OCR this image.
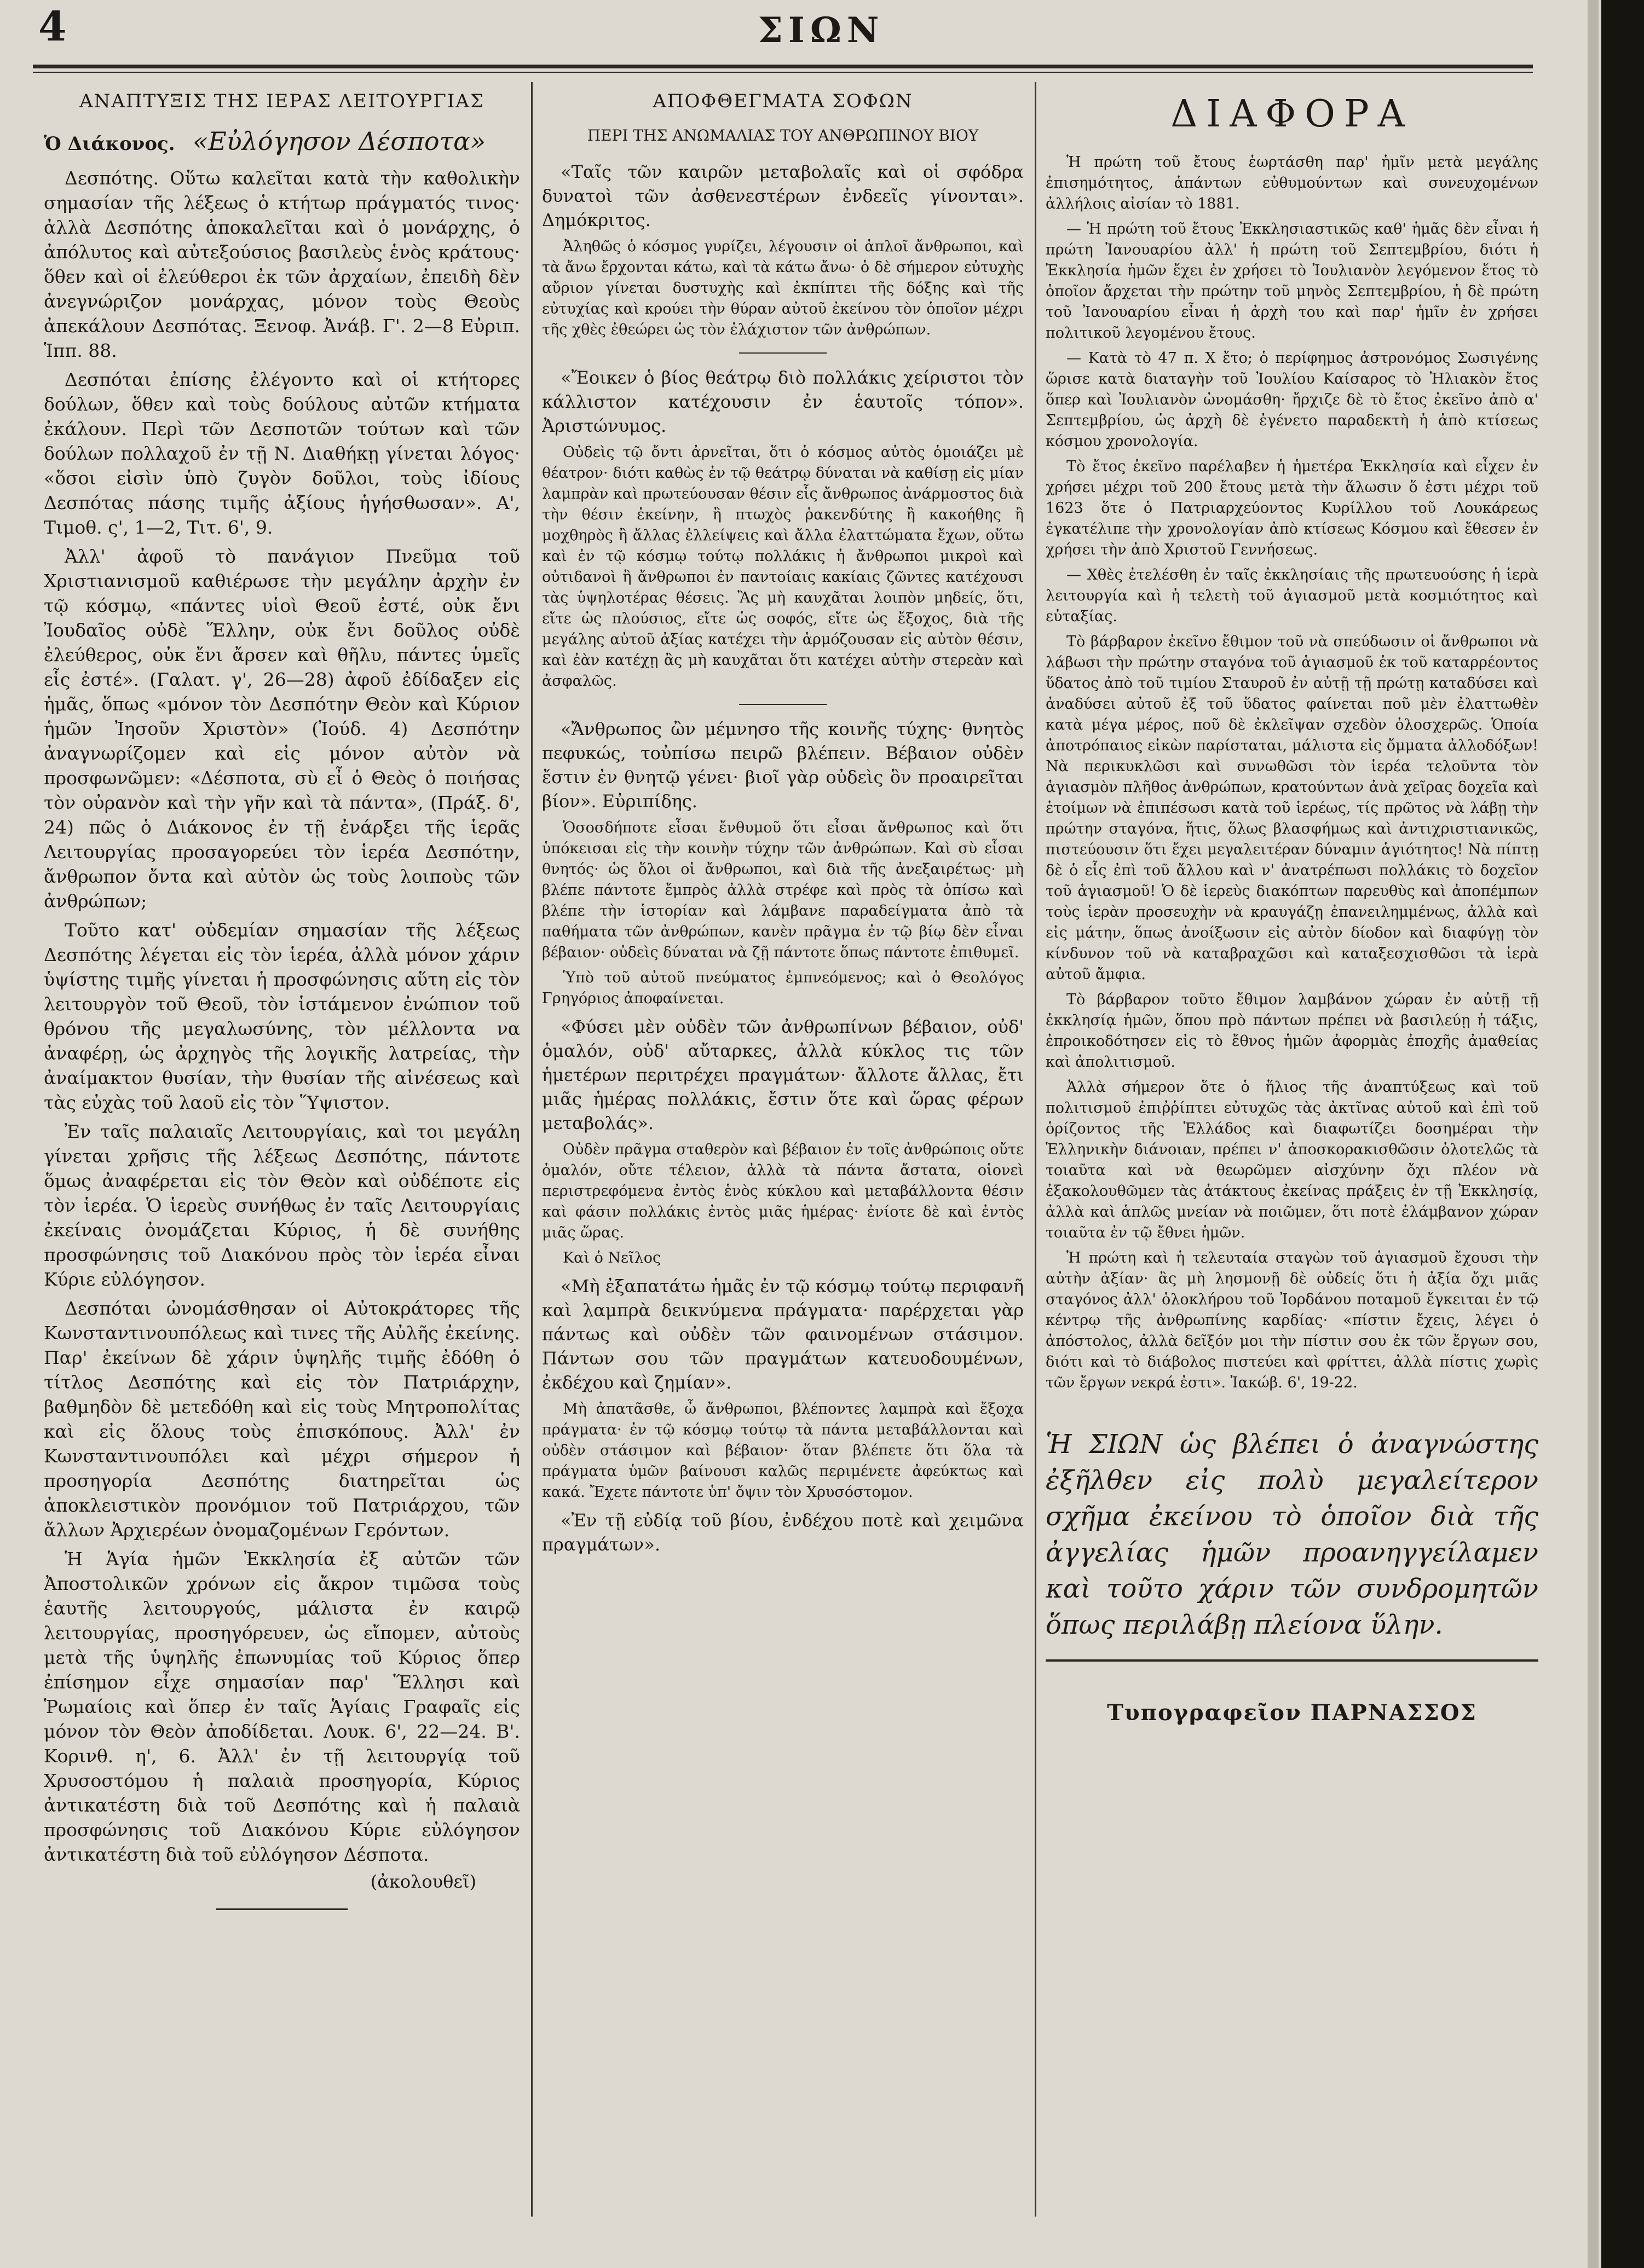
4	ΣΙΩΝ
ΑΝΑΠΤΥΞΙΣ ΤΗΣ ΙΕΡΑΣ ΛΕΙΤΟΥΡΓΙΑΣ
Ὁ Διάκονος. «Εὐλόγησον Δέσποτα»

Δεσπότης. Οὕτω καλεῖται κατὰ τὴν καθολικὴν σημασίαν τῆς λέξεως ὁ κτήτωρ πράγματός τινος· ἀλλὰ Δεσπότης ἀποκαλεῖται καὶ ὁ μονάρχης, ὁ ἀπόλυτος καὶ αὐτεξούσιος βασιλεὺς ἑνὸς κράτους· ὅθεν καὶ οἱ ἐλεύθεροι ἐκ τῶν ἀρχαίων, ἐπειδὴ δὲν ἀνεγνώριζον μονάρχας, μόνον τοὺς Θεοὺς ἀπεκάλουν Δεσπότας. Ξενοφ. Ἀνάβ. Γ'. 2—8 Εὐριπ. Ἱππ. 88.

Δεσπόται ἐπίσης ἐλέγοντο καὶ οἱ κτήτορες δούλων, ὅθεν καὶ τοὺς δούλους αὐτῶν κτήματα ἐκάλουν. Περὶ τῶν Δεσποτῶν τούτων καὶ τῶν δούλων πολλαχοῦ ἐν τῇ Ν. Διαθήκῃ γίνεται λόγος· «ὅσοι εἰσὶν ὑπὸ ζυγὸν δοῦλοι, τοὺς ἰδίους Δεσπότας πάσης τιμῆς ἀξίους ἡγήσθωσαν». Α', Τιμοθ. ς', 1—2, Τιτ. 6', 9.

Ἀλλ' ἀφοῦ τὸ πανάγιον Πνεῦμα τοῦ Χριστιανισμοῦ καθιέρωσε τὴν μεγάλην ἀρχὴν ἐν τῷ κόσμῳ, «πάντες υἱοὶ Θεοῦ ἐστέ, οὐκ ἔνι Ἰουδαῖος οὐδὲ Ἕλλην, οὐκ ἔνι δοῦλος οὐδὲ ἐλεύθερος, οὐκ ἔνι ἄρσεν καὶ θῆλυ, πάντες ὑμεῖς εἷς ἐστέ». (Γαλατ. γ', 26—28) ἀφοῦ ἐδίδαξεν εἰς ἡμᾶς, ὅπως «μόνον τὸν Δεσπότην Θεὸν καὶ Κύριον ἡμῶν Ἰησοῦν Χριστὸν» (Ἰούδ. 4) Δεσπότην ἀναγνωρίζομεν καὶ εἰς μόνον αὐτὸν νὰ προσφωνῶμεν: «Δέσποτα, σὺ εἶ ὁ Θεὸς ὁ ποιήσας τὸν οὐρανὸν καὶ τὴν γῆν καὶ τὰ πάντα», (Πράξ. δ', 24) πῶς ὁ Διάκονος ἐν τῇ ἐνάρξει τῆς ἱερᾶς Λειτουργίας προσαγορεύει τὸν ἱερέα Δεσπότην, ἄνθρωπον ὄντα καὶ αὐτὸν ὡς τοὺς λοιποὺς τῶν ἀνθρώπων;

Τοῦτο κατ' οὐδεμίαν σημασίαν τῆς λέξεως Δεσπότης λέγεται εἰς τὸν ἱερέα, ἀλλὰ μόνον χάριν ὑψίστης τιμῆς γίνεται ἡ προσφώνησις αὕτη εἰς τὸν λειτουργὸν τοῦ Θεοῦ, τὸν ἱστάμενον ἐνώπιον τοῦ θρόνου τῆς μεγαλωσύνης, τὸν μέλλοντα να ἀναφέρῃ, ὡς ἀρχηγὸς τῆς λογικῆς λατρείας, τὴν ἀναίμακτον θυσίαν, τὴν θυσίαν τῆς αἰνέσεως καὶ τὰς εὐχὰς τοῦ λαοῦ εἰς τὸν Ὕψιστον.

Ἐν ταῖς παλαιαῖς Λειτουργίαις, καὶ τοι μεγάλη γίνεται χρῆσις τῆς λέξεως Δεσπότης, πάντοτε ὅμως ἀναφέρεται εἰς τὸν Θεὸν καὶ οὐδέποτε εἰς τὸν ἱερέα. Ὁ ἱερεὺς συνήθως ἐν ταῖς Λειτουργίαις ἐκείναις ὀνομάζεται Κύριος, ἡ δὲ συνήθης προσφώνησις τοῦ Διακόνου πρὸς τὸν ἱερέα εἶναι Κύριε εὐλόγησον.

Δεσπόται ὠνομάσθησαν οἱ Αὐτοκράτορες τῆς Κωνσταντινουπόλεως καὶ τινες τῆς Αὐλῆς ἐκείνης. Παρ' ἐκείνων δὲ χάριν ὑψηλῆς τιμῆς ἐδόθη ὁ τίτλος Δεσπότης καὶ εἰς τὸν Πατριάρχην, βαθμηδὸν δὲ μετεδόθη καὶ εἰς τοὺς Μητροπολίτας καὶ εἰς ὅλους τοὺς ἐπισκόπους. Ἀλλ' ἐν Κωνσταντινουπόλει καὶ μέχρι σήμερον ἡ προσηγορία Δεσπότης διατηρεῖται ὡς ἀποκλειστικὸν προνόμιον τοῦ Πατριάρχου, τῶν ἄλλων Ἀρχιερέων ὀνομαζομένων Γερόντων.

Ἡ Ἁγία ἡμῶν Ἐκκλησία ἐξ αὐτῶν τῶν Ἀποστολικῶν χρόνων εἰς ἄκρον τιμῶσα τοὺς ἑαυτῆς λειτουργούς, μάλιστα ἐν καιρῷ λειτουργίας, προσηγόρευεν, ὡς εἴπομεν, αὐτοὺς μετὰ τῆς ὑψηλῆς ἐπωνυμίας τοῦ Κύριος ὅπερ ἐπίσημον εἶχε σημασίαν παρ' Ἕλλησι καὶ Ῥωμαίοις καὶ ὅπερ ἐν ταῖς Ἁγίαις Γραφαῖς εἰς μόνον τὸν Θεὸν ἀποδίδεται. Λουκ. 6', 22—24. Β'. Κορινθ. η', 6. Ἀλλ' ἐν τῇ λειτουργίᾳ τοῦ Χρυσοστόμου ἡ παλαιὰ προσηγορία, Κύριος ἀντικατέστη διὰ τοῦ Δεσπότης καὶ ἡ παλαιὰ προσφώνησις τοῦ Διακόνου Κύριε εὐλόγησον ἀντικατέστη διὰ τοῦ εὐλόγησον Δέσποτα.

(ἀκολουθεῖ)
ΑΠΟΦΘΕΓΜΑΤΑ ΣΟΦΩΝ
ΠΕΡΙ ΤΗΣ ΑΝΩΜΑΛΙΑΣ ΤΟΥ ΑΝΘΡΩΠΙΝΟΥ ΒΙΟΥ

«Ταῖς τῶν καιρῶν μεταβολαῖς καὶ οἱ σφόδρα δυνατοὶ τῶν ἀσθενεστέρων ἐνδεεῖς γίνονται». Δημόκριτος.

Ἀληθῶς ὁ κόσμος γυρίζει, λέγουσιν οἱ ἁπλοῖ ἄνθρωποι, καὶ τὰ ἄνω ἔρχονται κάτω, καὶ τὰ κάτω ἄνω· ὁ δὲ σήμερον εὐτυχὴς αὔριον γίνεται δυστυχὴς καὶ ἐκπίπτει τῆς δόξης καὶ τῆς εὐτυχίας καὶ κρούει τὴν θύραν αὐτοῦ ἐκείνου τὸν ὁποῖον μέχρι τῆς χθὲς ἐθεώρει ὡς τὸν ἐλάχιστον τῶν ἀνθρώπων.

«Ἔοικεν ὁ βίος θεάτρῳ διὸ πολλάκις χείριστοι τὸν κάλλιστον κατέχουσιν ἐν ἑαυτοῖς τόπον». Ἀριστώνυμος.

Οὐδεὶς τῷ ὄντι ἀρνεῖται, ὅτι ὁ κόσμος αὐτὸς ὁμοιάζει μὲ θέατρον· διότι καθὼς ἐν τῷ θεάτρῳ δύναται νὰ καθίσῃ εἰς μίαν λαμπρὰν καὶ πρωτεύουσαν θέσιν εἷς ἄνθρωπος ἀνάρμοστος διὰ τὴν θέσιν ἐκείνην, ἢ πτωχὸς ῥακενδύτης ἢ κακοήθης ἢ μοχθηρὸς ἢ ἄλλας ἐλλείψεις καὶ ἄλλα ἐλαττώματα ἔχων, οὕτω καὶ ἐν τῷ κόσμῳ τούτῳ πολλάκις ἡ ἄνθρωποι μικροὶ καὶ οὐτιδανοὶ ἢ ἄνθρωποι ἐν παντοίαις κακίαις ζῶντες κατέχουσι τὰς ὑψηλοτέρας θέσεις. Ἂς μὴ καυχᾶται λοιπὸν μηδείς, ὅτι, εἴτε ὡς πλούσιος, εἴτε ὡς σοφός, εἴτε ὡς ἔξοχος, διὰ τῆς μεγάλης αὐτοῦ ἀξίας κατέχει τὴν ἁρμόζουσαν εἰς αὐτὸν θέσιν, καὶ ἐὰν κατέχῃ ἂς μὴ καυχᾶται ὅτι κατέχει αὐτὴν στερεὰν καὶ ἀσφαλῶς.

«Ἄνθρωπος ὢν μέμνησο τῆς κοινῆς τύχης· θνητὸς πεφυκώς, τοὐπίσω πειρῶ βλέπειν. Βέβαιον οὐδὲν ἔστιν ἐν θνητῷ γένει· βιοῖ γὰρ οὐδεὶς ὃν προαιρεῖται βίον». Εὐριπίδης.

Ὁσοσδήποτε εἶσαι ἔνθυμοῦ ὅτι εἶσαι ἄνθρωπος καὶ ὅτι ὑπόκεισαι εἰς τὴν κοινὴν τύχην τῶν ἀνθρώπων. Καὶ σὺ εἶσαι θνητός· ὡς ὅλοι οἱ ἄνθρωποι, καὶ διὰ τῆς ἀνεξαιρέτως· μὴ βλέπε πάντοτε ἔμπρὸς ἀλλὰ στρέφε καὶ πρὸς τὰ ὀπίσω καὶ βλέπε τὴν ἱστορίαν καὶ λάμβανε παραδείγματα ἀπὸ τὰ παθήματα τῶν ἀνθρώπων, κανὲν πρᾶγμα ἐν τῷ βίῳ δὲν εἶναι βέβαιον· οὐδεὶς δύναται νὰ ζῇ πάντοτε ὅπως πάντοτε ἐπιθυμεῖ.

Ὑπὸ τοῦ αὐτοῦ πνεύματος ἐμπνεόμενος; καὶ ὁ Θεολόγος Γρηγόριος ἀποφαίνεται.

«Φύσει μὲν οὐδὲν τῶν ἀνθρωπίνων βέβαιον, οὐδ' ὁμαλόν, οὐδ' αὔταρκες, ἀλλὰ κύκλος τις τῶν ἡμετέρων περιτρέχει πραγμάτων· ἄλλοτε ἄλλας, ἔτι μιᾶς ἡμέρας πολλάκις, ἔστιν ὅτε καὶ ὥρας φέρων μεταβολάς».

Οὐδὲν πρᾶγμα σταθερὸν καὶ βέβαιον ἐν τοῖς ἀνθρώποις οὔτε ὁμαλόν, οὔτε τέλειον, ἀλλὰ τὰ πάντα ἄστατα, οἱονεὶ περιστρεφόμενα ἐντὸς ἑνὸς κύκλου καὶ μεταβάλλοντα θέσιν καὶ φάσιν πολλάκις ἐντὸς μιᾶς ἡμέρας· ἐνίοτε δὲ καὶ ἐντὸς μιᾶς ὥρας.

Καὶ ὁ Νεῖλος

«Μὴ ἐξαπατάτω ἡμᾶς ἐν τῷ κόσμῳ τούτῳ περιφανῆ καὶ λαμπρὰ δεικνύμενα πράγματα· παρέρχεται γὰρ πάντως καὶ οὐδὲν τῶν φαινομένων στάσιμον. Πάντων σου τῶν πραγμάτων κατευοδουμένων, ἐκδέχου καὶ ζημίαν».

Μὴ ἀπατᾶσθε, ὦ ἄνθρωποι, βλέποντες λαμπρὰ καὶ ἔξοχα πράγματα· ἐν τῷ κόσμῳ τούτῳ τὰ πάντα μεταβάλλονται καὶ οὐδὲν στάσιμον καὶ βέβαιον· ὅταν βλέπετε ὅτι ὅλα τὰ πράγματα ὑμῶν βαίνουσι καλῶς περιμένετε ἀφεύκτως καὶ κακά. Ἔχετε πάντοτε ὑπ' ὄψιν τὸν Χρυσόστομον.

«Ἐν τῇ εὐδίᾳ τοῦ βίου, ἐνδέχου ποτὲ καὶ χειμῶνα πραγμάτων».

ΔΙΑΦΟΡΑ

Ἡ πρώτη τοῦ ἔτους ἑωρτάσθη παρ' ἡμῖν μετὰ μεγάλης ἐπισημότητος, ἁπάντων εὐθυμούντων καὶ συνευχομένων ἀλλήλοις αἰσίαν τὸ 1881.

— Ἡ πρώτη τοῦ ἔτους Ἐκκλησιαστικῶς καθ' ἡμᾶς δὲν εἶναι ἡ πρώτη Ἰανουαρίου ἀλλ' ἡ πρώτη τοῦ Σεπτεμβρίου, διότι ἡ Ἐκκλησία ἡμῶν ἔχει ἐν χρήσει τὸ Ἰουλιανὸν λεγόμενον ἔτος τὸ ὁποῖον ἄρχεται τὴν πρώτην τοῦ μηνὸς Σεπτεμβρίου, ἡ δὲ πρώτη τοῦ Ἰανουαρίου εἶναι ἡ ἀρχὴ του καὶ παρ' ἡμῖν ἐν χρήσει πολιτικοῦ λεγομένου ἔτους.

— Κατὰ τὸ 47 π. Χ ἔτο; ὁ περίφημος ἀστρονόμος Σωσιγένης ὥρισε κατὰ διαταγὴν τοῦ Ἰουλίου Καίσαρος τὸ Ἠλιακὸν ἔτος ὅπερ καὶ Ἰουλιανὸν ὠνομάσθη· ἤρχιζε δὲ τὸ ἔτος ἐκεῖνο ἀπὸ α' Σεπτεμβρίου, ὡς ἀρχὴ δὲ ἐγένετο παραδεκτὴ ἡ ἀπὸ κτίσεως κόσμου χρονολογία.

Τὸ ἔτος ἐκεῖνο παρέλαβεν ἡ ἡμετέρα Ἐκκλησία καὶ εἶχεν ἐν χρήσει μέχρι τοῦ 200 ἔτους μετὰ τὴν ἅλωσιν ὅ ἐστι μέχρι τοῦ 1623 ὅτε ὁ Πατριαρχεύοντος Κυρίλλου τοῦ Λουκάρεως ἐγκατέλιπε τὴν χρονολογίαν ἀπὸ κτίσεως Κόσμου καὶ ἔθεσεν ἐν χρήσει τὴν ἀπὸ Χριστοῦ Γεννήσεως.

— Χθὲς ἐτελέσθη ἐν ταῖς ἐκκλησίαις τῆς πρωτευούσης ἡ ἱερὰ λειτουργία καὶ ἡ τελετὴ τοῦ ἁγιασμοῦ μετὰ κοσμιότητος καὶ εὐταξίας.

Τὸ βάρβαρον ἐκεῖνο ἔθιμον τοῦ νὰ σπεύδωσιν οἱ ἄνθρωποι νὰ λάβωσι τὴν πρώτην σταγόνα τοῦ ἁγιασμοῦ ἐκ τοῦ καταρρέοντος ὕδατος ἀπὸ τοῦ τιμίου Σταυροῦ ἐν αὐτῇ τῇ πρώτῃ καταδύσει καὶ ἀναδύσει αὐτοῦ ἐξ τοῦ ὕδατος φαίνεται ποῦ μὲν ἐλαττωθὲν κατὰ μέγα μέρος, ποῦ δὲ ἐκλεῖψαν σχεδὸν ὁλοσχερῶς. Ὁποία ἀποτρόπαιος εἰκὼν παρίσταται, μάλιστα εἰς ὄμματα ἀλλοδόξων! Νὰ περικυκλῶσι καὶ συνωθῶσι τὸν ἱερέα τελοῦντα τὸν ἁγιασμὸν πλῆθος ἀνθρώπων, κρατούντων ἀνὰ χεῖρας δοχεῖα καὶ ἑτοίμων νὰ ἐπιπέσωσι κατὰ τοῦ ἱερέως, τίς πρῶτος νὰ λάβῃ τὴν πρώτην σταγόνα, ἥτις, ὅλως βλασφήμως καὶ ἀντιχριστιανικῶς, πιστεύουσιν ὅτι ἔχει μεγαλειτέραν δύναμιν ἁγιότητος! Νὰ πίπτῃ δὲ ὁ εἷς ἐπὶ τοῦ ἄλλου καὶ ν' ἀνατρέπωσι πολλάκις τὸ δοχεῖον τοῦ ἁγιασμοῦ! Ὁ δὲ ἱερεὺς διακόπτων παρευθὺς καὶ ἀποπέμπων τοὺς ἱερὰν προσευχὴν νὰ κραυγάζῃ ἐπανειλημμένως, ἀλλὰ καὶ εἰς μάτην, ὅπως ἀνοίξωσιν εἰς αὐτὸν δίοδον καὶ διαφύγῃ τὸν κίνδυνον τοῦ νὰ καταβραχῶσι καὶ καταξεσχισθῶσι τὰ ἱερὰ αὐτοῦ ἄμφια.

Τὸ βάρβαρον τοῦτο ἔθιμον λαμβάνον χώραν ἐν αὐτῇ τῇ ἐκκλησίᾳ ἡμῶν, ὅπου πρὸ πάντων πρέπει νὰ βασιλεύῃ ἡ τάξις, ἐπροικοδότησεν εἰς τὸ ἔθνος ἡμῶν ἀφορμὰς ἐποχῆς ἀμαθείας καὶ ἀπολιτισμοῦ.

Ἀλλὰ σήμερον ὅτε ὁ ἥλιος τῆς ἀναπτύξεως καὶ τοῦ πολιτισμοῦ ἐπιῤῥίπτει εὐτυχῶς τὰς ἀκτῖνας αὐτοῦ καὶ ἐπὶ τοῦ ὁρίζοντος τῆς Ἑλλάδος καὶ διαφωτίζει δοσημέραι τὴν Ἑλληνικὴν διάνοιαν, πρέπει ν' ἀποσκορακισθῶσιν ὁλοτελῶς τὰ τοιαῦτα καὶ νὰ θεωρῶμεν αἰσχύνην ὄχι πλέον νὰ ἐξακολουθῶμεν τὰς ἀτάκτους ἐκείνας πράξεις ἐν τῇ Ἐκκλησίᾳ, ἀλλὰ καὶ ἁπλῶς μνείαν νὰ ποιῶμεν, ὅτι ποτὲ ἐλάμβανον χώραν τοιαῦτα ἐν τῷ ἔθνει ἡμῶν.

Ἡ πρώτη καὶ ἡ τελευταία σταγὼν τοῦ ἁγιασμοῦ ἔχουσι τὴν αὐτὴν ἀξίαν· ἂς μὴ λησμονῇ δὲ οὐδείς ὅτι ἡ ἀξία ὄχι μιᾶς σταγόνος ἀλλ' ὁλοκλήρου τοῦ Ἰορδάνου ποταμοῦ ἔγκειται ἐν τῷ κέντρῳ τῆς ἀνθρωπίνης καρδίας· «πίστιν ἔχεις, λέγει ὁ ἀπόστολος, ἀλλὰ δεῖξόν μοι τὴν πίστιν σου ἐκ τῶν ἔργων σου, διότι καὶ τὸ διάβολος πιστεύει καὶ φρίττει, ἀλλὰ πίστις χωρὶς τῶν ἔργων νεκρά ἐστι». Ἰακώβ. 6', 19-22.

Ἡ ΣΙΩΝ ὡς βλέπει ὁ ἀναγνώστης ἐξῆλθεν εἰς πολὺ μεγαλείτερον σχῆμα ἐκείνου τὸ ὁποῖον διὰ τῆς ἀγγελίας ἡμῶν προανηγγείλαμεν καὶ τοῦτο χάριν τῶν συνδρομητῶν ὅπως περιλάβῃ πλείονα ὕλην.
Τυπογραφεῖον ΠΑΡΝΑΣΣΟΣ
